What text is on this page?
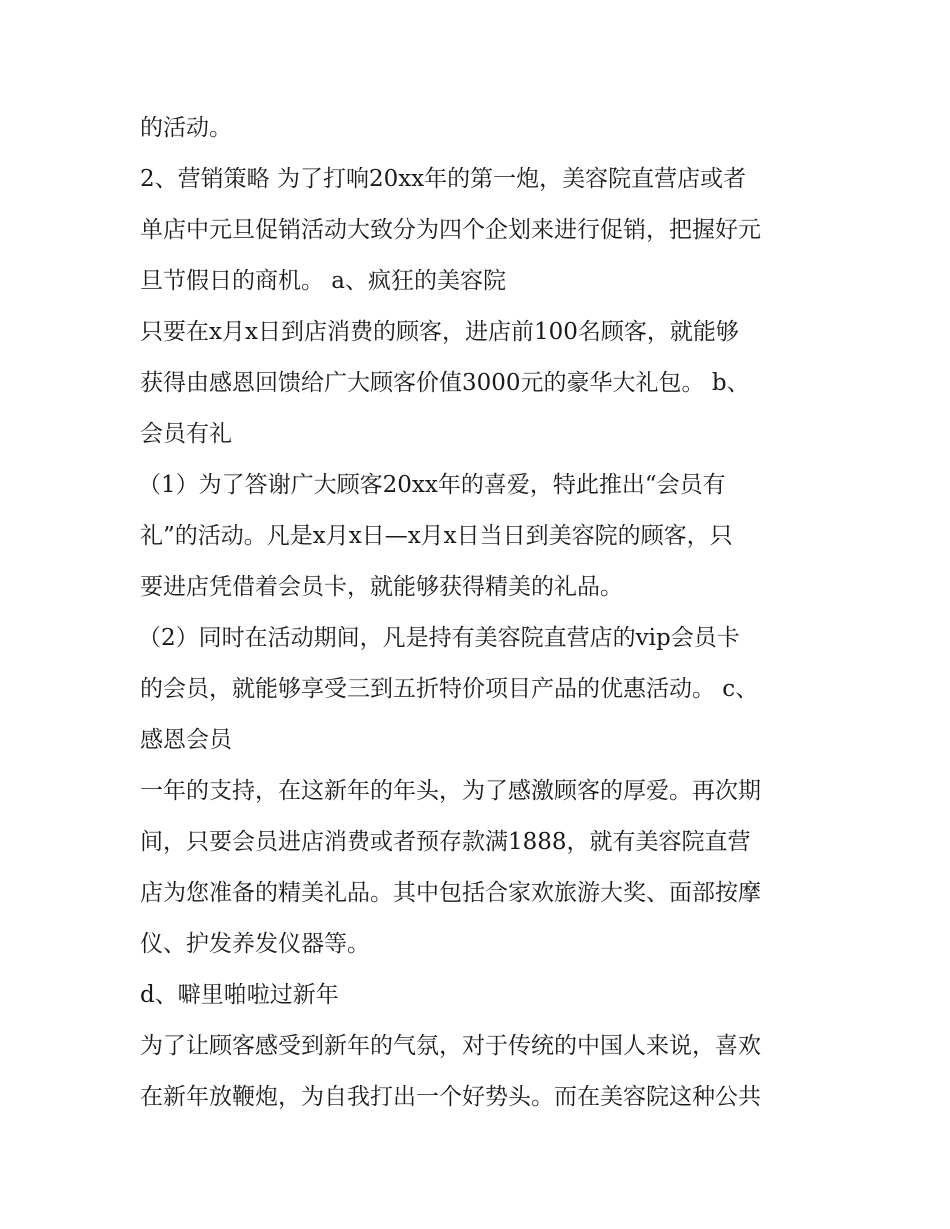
的活动。
2、营销策略 为了打响20xx年的第一炮，美容院直营店或者
单店中元旦促销活动大致分为四个企划来进行促销，把握好元
旦节假日的商机。 a、疯狂的美容院
只要在x月x日到店消费的顾客，进店前100名顾客，就能够
获得由感恩回馈给广大顾客价值3000元的豪华大礼包。 b、
会员有礼
（1）为了答谢广大顾客20xx年的喜爱，特此推出“会员有
礼”的活动。凡是x月x日—x月x日当日到美容院的顾客，只
要进店凭借着会员卡，就能够获得精美的礼品。
（2）同时在活动期间，凡是持有美容院直营店的vip会员卡
的会员，就能够享受三到五折特价项目产品的优惠活动。 c、
感恩会员
一年的支持，在这新年的年头，为了感激顾客的厚爱。再次期
间，只要会员进店消费或者预存款满1888，就有美容院直营
店为您准备的精美礼品。其中包括合家欢旅游大奖、面部按摩
仪、护发养发仪器等。
d、噼里啪啦过新年
为了让顾客感受到新年的气氛，对于传统的中国人来说，喜欢
在新年放鞭炮，为自我打出一个好势头。而在美容院这种公共
